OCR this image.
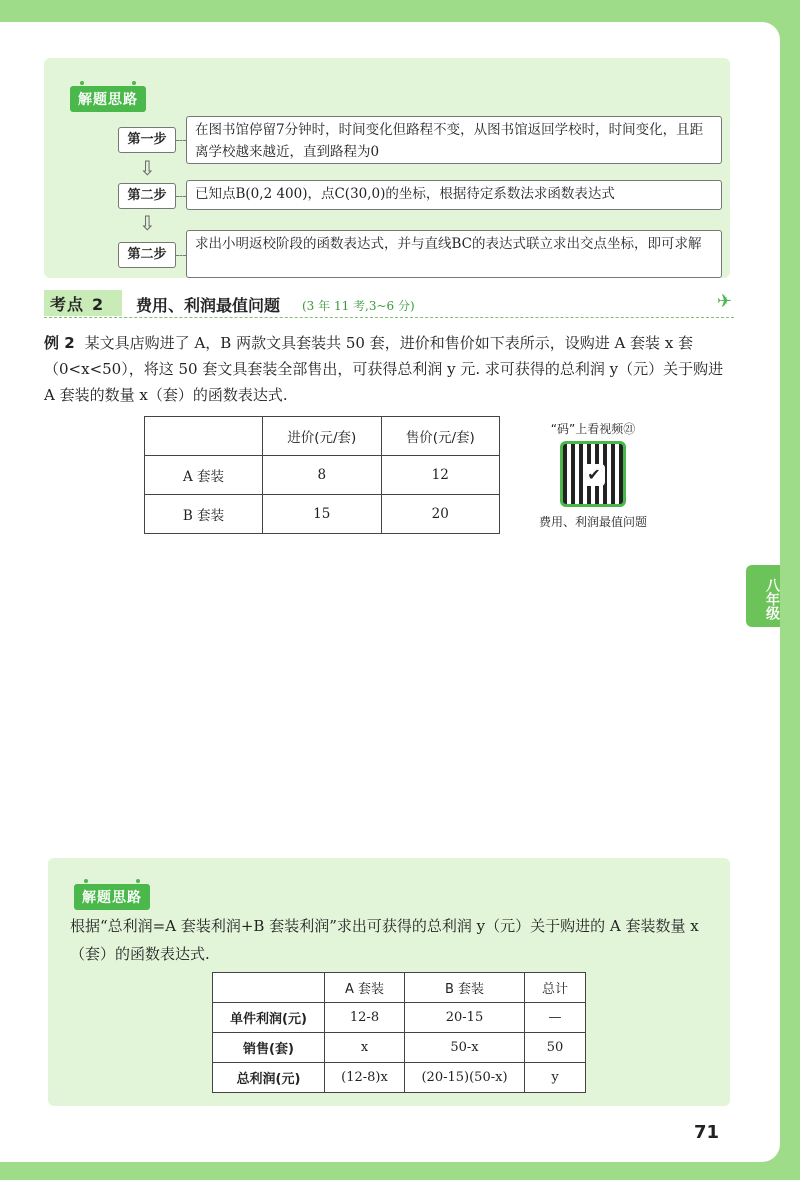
解题思路
第一步
在图书馆停留7分钟时，时间变化但路程不变，从图书馆返回学校时，时间变化，且距离学校越来越近，直到路程为0
⇩
第二步	已知点B(0,2 400)，点C(30,0)的坐标，根据待定系数法求函数表达式
⇩
第二步
求出小明返校阶段的函数表达式，并与直线BC的表达式联立求出交点坐标，即可求解
考点 2	费用、利润最值问题 (3 年 11 考,3~6 分)	✈
例 2 某文具店购进了 A，B 两款文具套装共 50 套，进价和售价如下表所示，设购进 A 套装 x 套（0<x<50），将这 50 套文具套装全部售出，可获得总利润 y 元. 求可获得的总利润 y（元）关于购进 A 套装的数量 x（套）的函数表达式.
	进价(元/套)	售价(元/套)
A 套装	8	12
B 套装	15	20
“码”上看视频㉑
✔
费用、利润最值问题
八年级
解题思路
根据“总利润=A 套装利润+B 套装利润”求出可获得的总利润 y（元）关于购进的 A 套装数量 x（套）的函数表达式.
	A 套装	B 套装	总计
单件利润(元)	12-8	20-15	—
销售(套)	x	50-x	50
总利润(元)	(12-8)x	(20-15)(50-x)	y
71
